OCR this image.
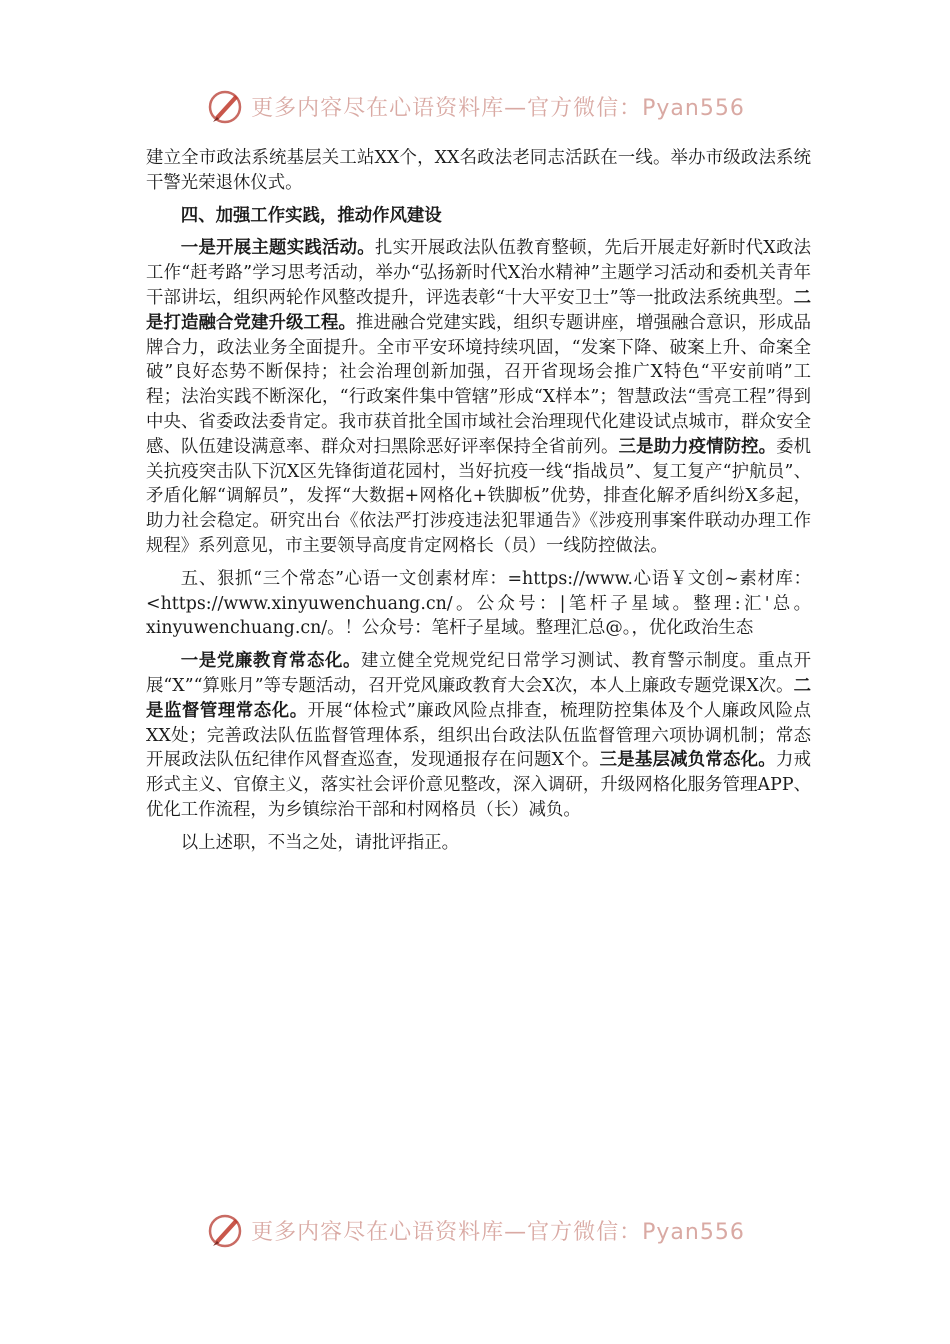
更多内容尽在心语资料库—官方微信：Pyan556

建立全市政法系统基层关工站XX个，XX名政法老同志活跃在一线。举办市级政法系统干警光荣退休仪式。

四、加强工作实践，推动作风建设

一是开展主题实践活动。扎实开展政法队伍教育整顿，先后开展走好新时代X政法工作“赶考路”学习思考活动，举办“弘扬新时代X治水精神”主题学习活动和委机关青年干部讲坛，组织两轮作风整改提升，评选表彰“十大平安卫士”等一批政法系统典型。二是打造融合党建升级工程。推进融合党建实践，组织专题讲座，增强融合意识，形成品牌合力，政法业务全面提升。全市平安环境持续巩固，“发案下降、破案上升、命案全破”良好态势不断保持；社会治理创新加强，召开省现场会推广X特色“平安前哨”工程；法治实践不断深化，“行政案件集中管辖”形成“X样本”；智慧政法“雪亮工程”得到中央、省委政法委肯定。我市获首批全国市域社会治理现代化建设试点城市，群众安全感、队伍建设满意率、群众对扫黑除恶好评率保持全省前列。三是助力疫情防控。委机关抗疫突击队下沉X区先锋街道花园村，当好抗疫一线“指战员”、复工复产“护航员”、矛盾化解“调解员”，发挥“大数据+网格化+铁脚板”优势，排查化解矛盾纠纷X多起，助力社会稳定。研究出台《依法严打涉疫违法犯罪通告》《涉疫刑事案件联动办理工作规程》系列意见，市主要领导高度肯定网格长（员）一线防控做法。

五、狠抓“三个常态”心语一文创素材库：=https://www.心语￥文创~素材库：<https://www.xinyuwenchuang.cn/。公众号：|笔杆子星域。整理:汇'总。xinyuwenchuang.cn/。！公众号：笔杆子星域。整理汇总@。，优化政治生态

一是党廉教育常态化。建立健全党规党纪日常学习测试、教育警示制度。重点开展“X”“算账月”等专题活动，召开党风廉政教育大会X次，本人上廉政专题党课X次。二是监督管理常态化。开展“体检式”廉政风险点排查，梳理防控集体及个人廉政风险点XX处；完善政法队伍监督管理体系，组织出台政法队伍监督管理六项协调机制；常态开展政法队伍纪律作风督查巡查，发现通报存在问题X个。三是基层减负常态化。力戒形式主义、官僚主义，落实社会评价意见整改，深入调研，升级网格化服务管理APP、优化工作流程，为乡镇综治干部和村网格员（长）减负。

以上述职，不当之处，请批评指正。

更多内容尽在心语资料库—官方微信：Pyan556
